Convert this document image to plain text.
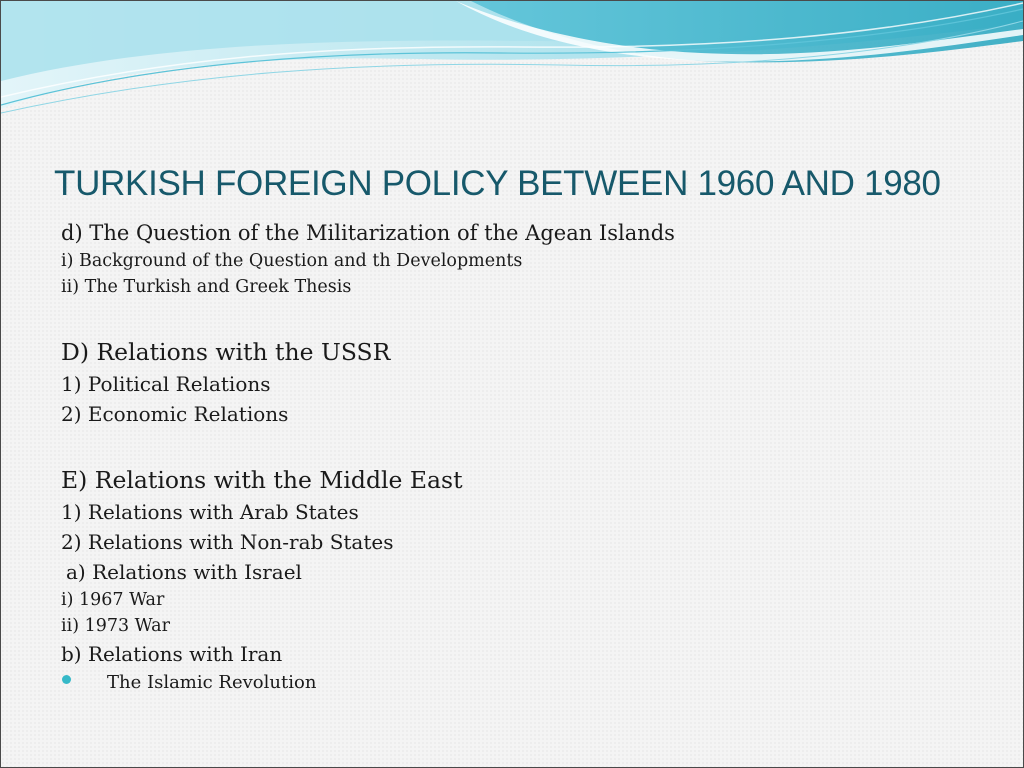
TURKISH FOREIGN POLICY BETWEEN 1960 AND 1980
d) The Question of the Militarization of the Agean Islands
i) Background of the Question and th Developments
ii) The Turkish and Greek Thesis
D) Relations with the USSR
1) Political Relations
2) Economic Relations
E) Relations with the Middle East
1) Relations with Arab States
2) Relations with Non-rab States
a) Relations with Israel
i) 1967 War
ii) 1973 War
b) Relations with Iran
The Islamic Revolution
